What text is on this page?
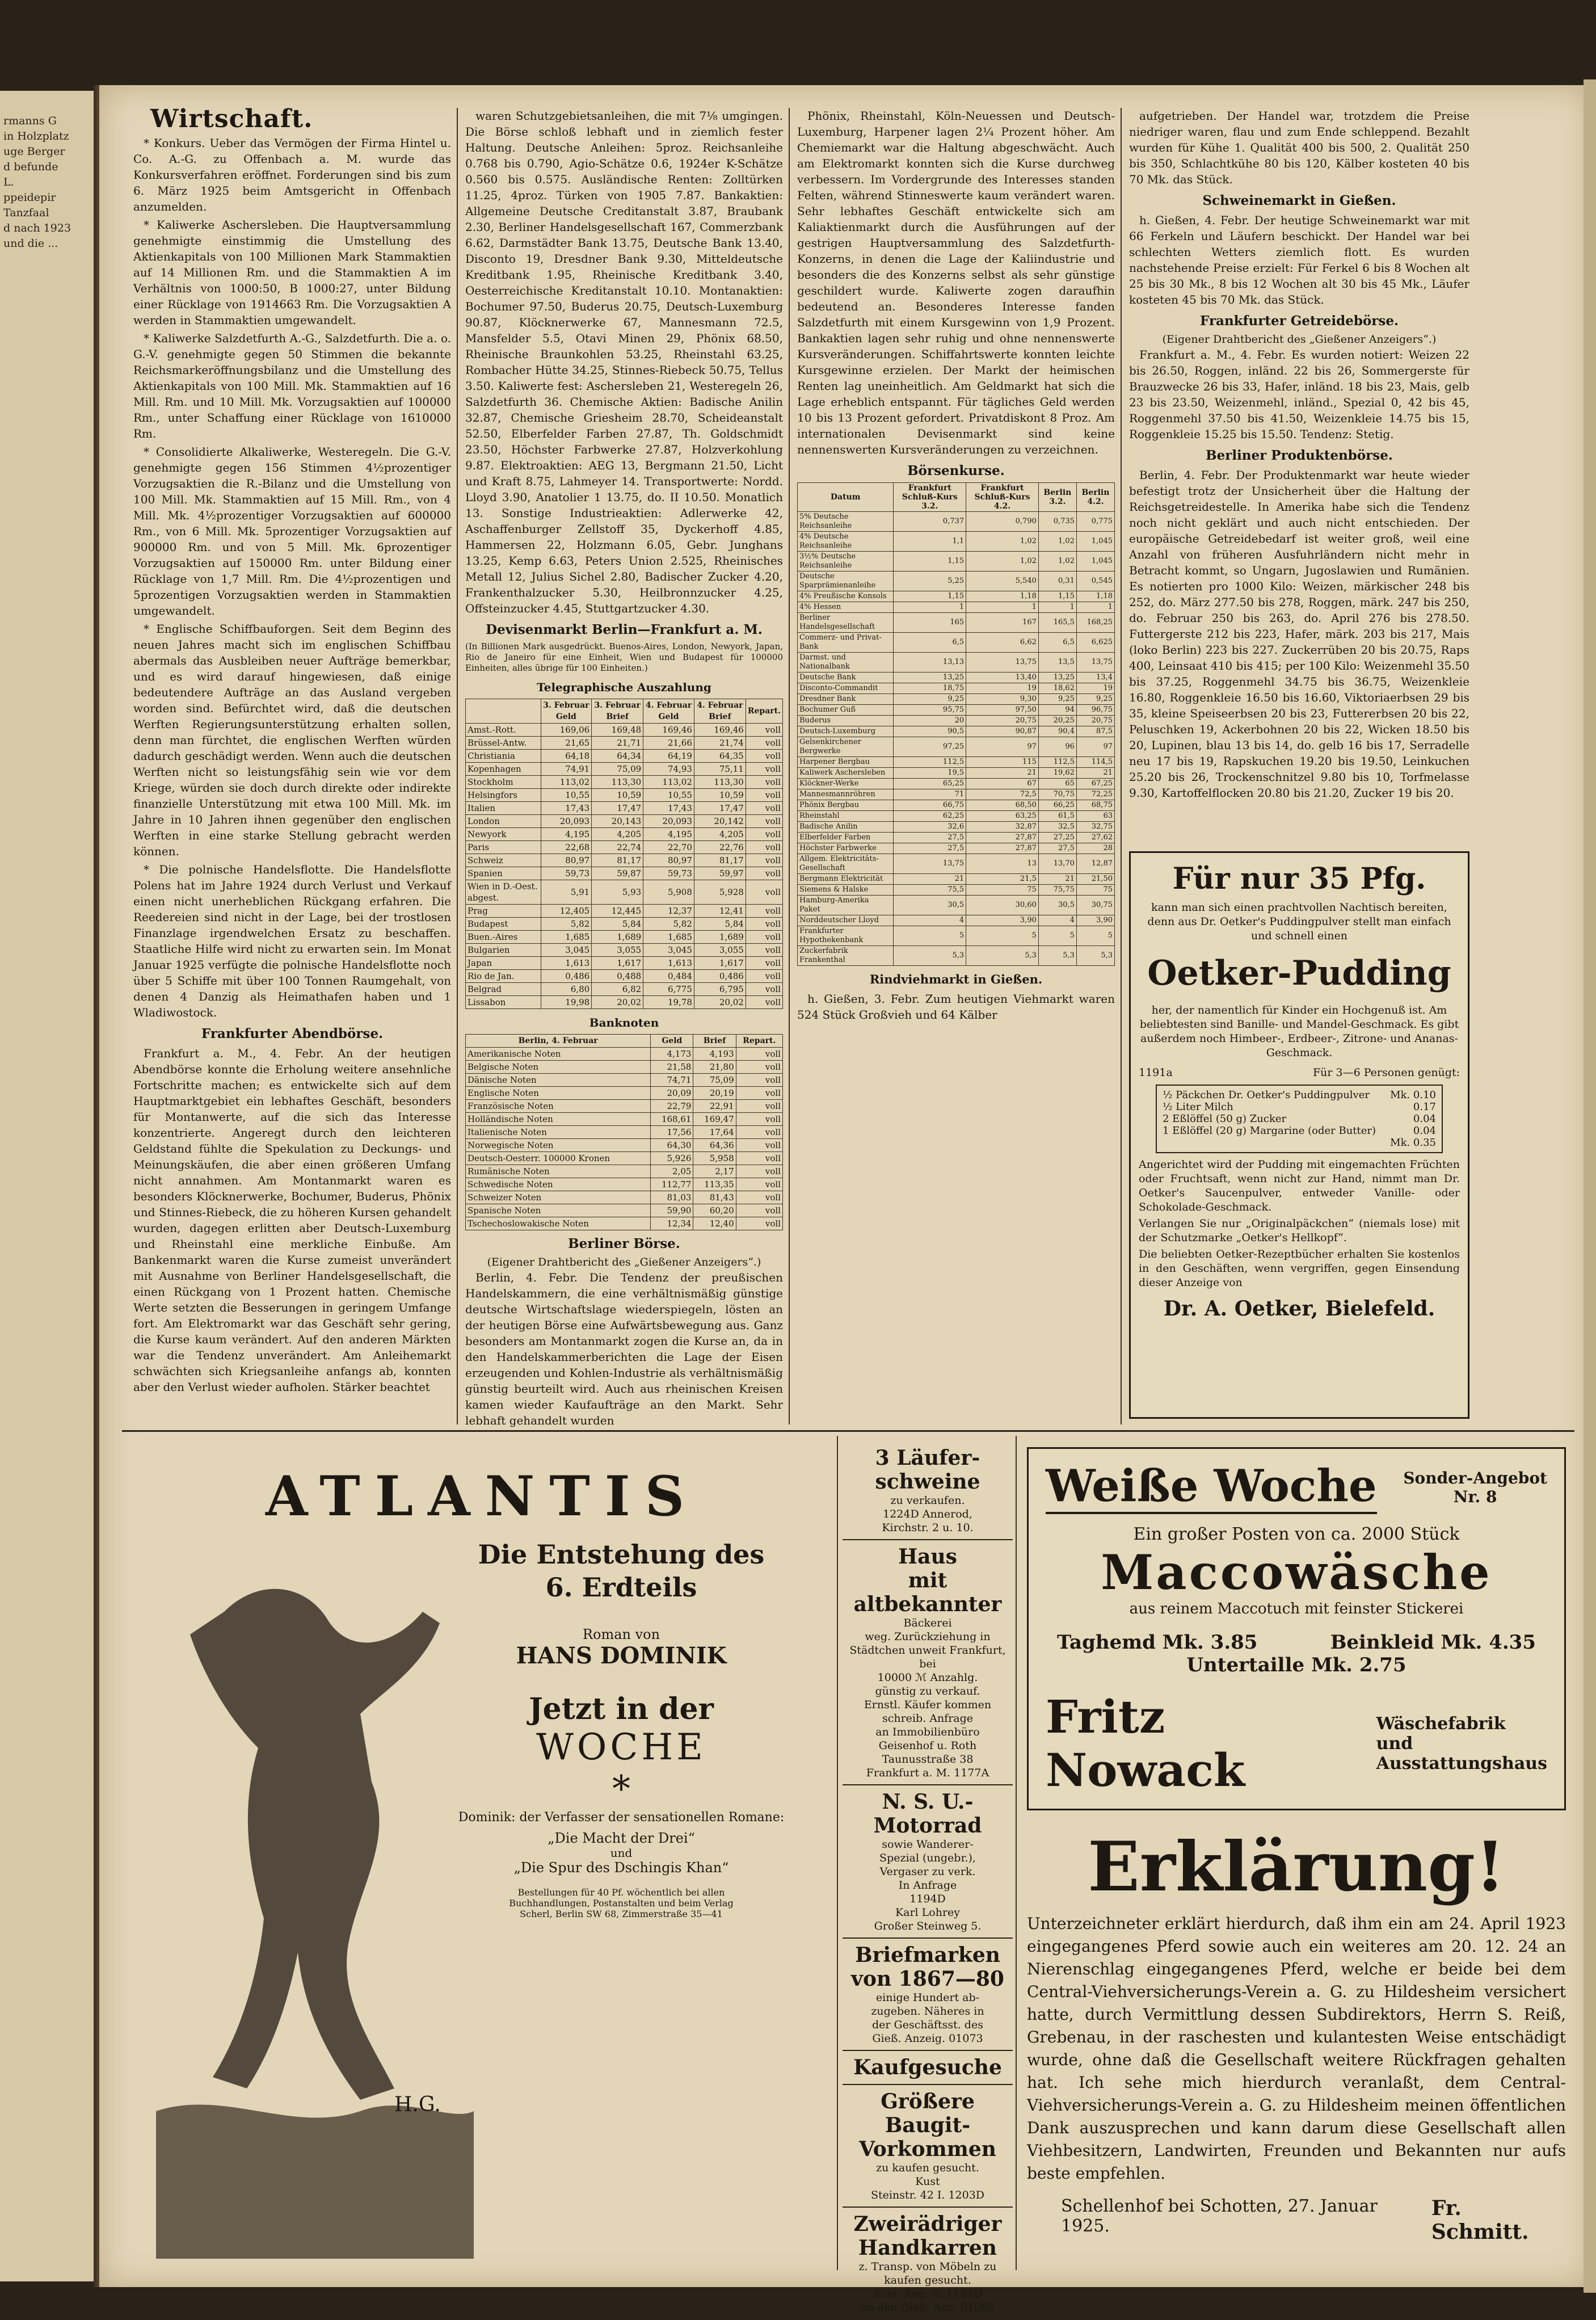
rmanns G
in Holzplatz
uge Berger
d befunde
L.
ppeidepir
Tanzfaal
d nach 1923
und die ...
Wirtschaft.

* Konkurs. Ueber das Vermögen der Firma Hintel u. Co. A.-G. zu Offenbach a. M. wurde das Konkursverfahren eröffnet. Forderungen sind bis zum 6. März 1925 beim Amtsgericht in Offenbach anzumelden.

* Kaliwerke Aschersleben. Die Hauptversammlung genehmigte einstimmig die Umstellung des Aktienkapitals von 100 Millionen Mark Stammaktien auf 14 Millionen Rm. und die Stammaktien A im Verhältnis von 1000:50, B 1000:27, unter Bildung einer Rücklage von 1914663 Rm. Die Vorzugsaktien A werden in Stammaktien umgewandelt.

* Kaliwerke Salzdetfurth A.-G., Salzdetfurth. Die a. o. G.-V. genehmigte gegen 50 Stimmen die bekannte Reichsmarkeröffnungsbilanz und die Umstellung des Aktienkapitals von 100 Mill. Mk. Stammaktien auf 16 Mill. Rm. und 10 Mill. Mk. Vorzugsaktien auf 100000 Rm., unter Schaffung einer Rücklage von 1610000 Rm.

* Consolidierte Alkaliwerke, Westeregeln. Die G.-V. genehmigte gegen 156 Stimmen 4½prozentiger Vorzugsaktien die R.-Bilanz und die Umstellung von 100 Mill. Mk. Stammaktien auf 15 Mill. Rm., von 4 Mill. Mk. 4½prozentiger Vorzugsaktien auf 600000 Rm., von 6 Mill. Mk. 5prozentiger Vorzugsaktien auf 900000 Rm. und von 5 Mill. Mk. 6prozentiger Vorzugsaktien auf 150000 Rm. unter Bildung einer Rücklage von 1,7 Mill. Rm. Die 4½prozentigen und 5prozentigen Vorzugsaktien werden in Stammaktien umgewandelt.

* Englische Schiffbauforgen. Seit dem Beginn des neuen Jahres macht sich im englischen Schiffbau abermals das Ausbleiben neuer Aufträge bemerkbar, und es wird darauf hingewiesen, daß einige bedeutendere Aufträge an das Ausland vergeben worden sind. Befürchtet wird, daß die deutschen Werften Regierungsunterstützung erhalten sollen, denn man fürchtet, die englischen Werften würden dadurch geschädigt werden. Wenn auch die deutschen Werften nicht so leistungsfähig sein wie vor dem Kriege, würden sie doch durch direkte oder indirekte finanzielle Unterstützung mit etwa 100 Mill. Mk. im Jahre in 10 Jahren ihnen gegenüber den englischen Werften in eine starke Stellung gebracht werden können.

* Die polnische Handelsflotte. Die Handelsflotte Polens hat im Jahre 1924 durch Verlust und Verkauf einen nicht unerheblichen Rückgang erfahren. Die Reedereien sind nicht in der Lage, bei der trostlosen Finanzlage irgendwelchen Ersatz zu beschaffen. Staatliche Hilfe wird nicht zu erwarten sein. Im Monat Januar 1925 verfügte die polnische Handelsflotte noch über 5 Schiffe mit über 100 Tonnen Raumgehalt, von denen 4 Danzig als Heimathafen haben und 1 Wladiwostock.

Frankfurter Abendbörse.

Frankfurt a. M., 4. Febr. An der heutigen Abendbörse konnte die Erholung weitere ansehnliche Fortschritte machen; es entwickelte sich auf dem Hauptmarktgebiet ein lebhaftes Geschäft, besonders für Montanwerte, auf die sich das Interesse konzentrierte. Angeregt durch den leichteren Geldstand fühlte die Spekulation zu Deckungs- und Meinungskäufen, die aber einen größeren Umfang nicht annahmen. Am Montanmarkt waren es besonders Klöcknerwerke, Bochumer, Buderus, Phönix und Stinnes-Riebeck, die zu höheren Kursen gehandelt wurden, dagegen erlitten aber Deutsch-Luxemburg und Rheinstahl eine merkliche Einbuße. Am Bankenmarkt waren die Kurse zumeist unverändert mit Ausnahme von Berliner Handelsgesellschaft, die einen Rückgang von 1 Prozent hatten. Chemische Werte setzten die Besserungen in geringem Umfange fort. Am Elektromarkt war das Geschäft sehr gering, die Kurse kaum verändert. Auf den anderen Märkten war die Tendenz unverändert. Am Anleihemarkt schwächten sich Kriegsanleihe anfangs ab, konnten aber den Verlust wieder aufholen. Stärker beachtet

waren Schutzgebietsanleihen, die mit 7⅛ umgingen. Die Börse schloß lebhaft und in ziemlich fester Haltung. Deutsche Anleihen: 5proz. Reichsanleihe 0.768 bis 0.790, Agio-Schätze 0.6, 1924er K-Schätze 0.560 bis 0.575. Ausländische Renten: Zolltürken 11.25, 4proz. Türken von 1905 7.87. Bankaktien: Allgemeine Deutsche Creditanstalt 3.87, Braubank 2.30, Berliner Handelsgesellschaft 167, Commerzbank 6.62, Darmstädter Bank 13.75, Deutsche Bank 13.40, Disconto 19, Dresdner Bank 9.30, Mitteldeutsche Kreditbank 1.95, Rheinische Kreditbank 3.40, Oesterreichische Kreditanstalt 10.10. Montanaktien: Bochumer 97.50, Buderus 20.75, Deutsch-Luxemburg 90.87, Klöcknerwerke 67, Mannesmann 72.5, Mansfelder 5.5, Otavi Minen 29, Phönix 68.50, Rheinische Braunkohlen 53.25, Rheinstahl 63.25, Rombacher Hütte 34.25, Stinnes-Riebeck 50.75, Tellus 3.50. Kaliwerte fest: Aschersleben 21, Westeregeln 26, Salzdetfurth 36. Chemische Aktien: Badische Anilin 32.87, Chemische Griesheim 28.70, Scheideanstalt 52.50, Elberfelder Farben 27.87, Th. Goldschmidt 23.50, Höchster Farbwerke 27.87, Holzverkohlung 9.87. Elektroaktien: AEG 13, Bergmann 21.50, Licht und Kraft 8.75, Lahmeyer 14. Transportwerte: Nordd. Lloyd 3.90, Anatolier 1 13.75, do. II 10.50. Monatlich 13. Sonstige Industrieaktien: Adlerwerke 42, Aschaffenburger Zellstoff 35, Dyckerhoff 4.85, Hammersen 22, Holzmann 6.05, Gebr. Junghans 13.25, Kemp 6.63, Peters Union 2.525, Rheinisches Metall 12, Julius Sichel 2.80, Badischer Zucker 4.20, Frankenthalzucker 5.30, Heilbronnzucker 4.25, Offsteinzucker 4.45, Stuttgartzucker 4.30.

Devisenmarkt Berlin—Frankfurt a. M.
(In Billionen Mark ausgedrückt. Buenos-Aires, London, Newyork, Japan, Rio de Janeiro für eine Einheit, Wien und Budapest für 100000 Einheiten, alles übrige für 100 Einheiten.)
Telegraphische Auszahlung
	3. Februar Geld	3. Februar Brief	4. Februar Geld	4. Februar Brief	Repart.
Amst.-Rott.	169,06	169,48	169,46	169,46	voll
Brüssel-Antw.	21,65	21,71	21,66	21,74	voll
Christiania	64,18	64,34	64,19	64,35	voll
Kopenhagen	74,91	75,09	74,93	75,11	voll
Stockholm	113,02	113,30	113,02	113,30	voll
Helsingfors	10,55	10,59	10,55	10,59	voll
Italien	17,43	17,47	17,43	17,47	voll
London	20,093	20,143	20,093	20,142	voll
Newyork	4,195	4,205	4,195	4,205	voll
Paris	22,68	22,74	22,70	22,76	voll
Schweiz	80,97	81,17	80,97	81,17	voll
Spanien	59,73	59,87	59,73	59,97	voll
Wien in D.-Oest. abgest.	5,91	5,93	5,908	5,928	voll
Prag	12,405	12,445	12,37	12,41	voll
Budapest	5,82	5,84	5,82	5,84	voll
Buen.-Aires	1,685	1,689	1,685	1,689	voll
Bulgarien	3,045	3,055	3,045	3,055	voll
Japan	1,613	1,617	1,613	1,617	voll
Rio de Jan.	0,486	0,488	0,484	0,486	voll
Belgrad	6,80	6,82	6,775	6,795	voll
Lissabon	19,98	20,02	19,78	20,02	voll
Banknoten
Berlin, 4. Februar	Geld	Brief	Repart.
Amerikanische Noten	4,173	4,193	voll
Belgische Noten	21,58	21,80	voll
Dänische Noten	74,71	75,09	voll
Englische Noten	20,09	20,19	voll
Französische Noten	22,79	22,91	voll
Holländische Noten	168,61	169,47	voll
Italienische Noten	17,56	17,64	voll
Norwegische Noten	64,30	64,36	voll
Deutsch-Oesterr. 100000 Kronen	5,926	5,958	voll
Rumänische Noten	2,05	2,17	voll
Schwedische Noten	112,77	113,35	voll
Schweizer Noten	81,03	81,43	voll
Spanische Noten	59,90	60,20	voll
Tschechoslowakische Noten	12,34	12,40	voll
Berliner Börse.
(Eigener Drahtbericht des „Gießener Anzeigers“.)

Berlin, 4. Febr. Die Tendenz der preußischen Handelskammern, die eine verhältnismäßig günstige deutsche Wirtschaftslage wiederspiegeln, lösten an der heutigen Börse eine Aufwärtsbewegung aus. Ganz besonders am Montanmarkt zogen die Kurse an, da in den Handelskammerberichten die Lage der Eisen erzeugenden und Kohlen-Industrie als verhältnismäßig günstig beurteilt wird. Auch aus rheinischen Kreisen kamen wieder Kaufaufträge an den Markt. Sehr lebhaft gehandelt wurden

Phönix, Rheinstahl, Köln-Neuessen und Deutsch-Luxemburg, Harpener lagen 2¼ Prozent höher. Am Chemiemarkt war die Haltung abgeschwächt. Auch am Elektromarkt konnten sich die Kurse durchweg verbessern. Im Vordergrunde des Interesses standen Felten, während Stinneswerte kaum verändert waren. Sehr lebhaftes Geschäft entwickelte sich am Kaliaktienmarkt durch die Ausführungen auf der gestrigen Hauptversammlung des Salzdetfurth-Konzerns, in denen die Lage der Kaliindustrie und besonders die des Konzerns selbst als sehr günstige geschildert wurde. Kaliwerte zogen daraufhin bedeutend an. Besonderes Interesse fanden Salzdetfurth mit einem Kursgewinn von 1,9 Prozent. Bankaktien lagen sehr ruhig und ohne nennenswerte Kursveränderungen. Schiffahrtswerte konnten leichte Kursgewinne erzielen. Der Markt der heimischen Renten lag uneinheitlich. Am Geldmarkt hat sich die Lage erheblich entspannt. Für tägliches Geld werden 10 bis 13 Prozent gefordert. Privatdiskont 8 Proz. Am internationalen Devisenmarkt sind keine nennenswerten Kursveränderungen zu verzeichnen.

Börsenkurse.
Datum	Frankfurt Schluß-Kurs 3.2.	Frankfurt Schluß-Kurs 4.2.	Berlin 3.2.	Berlin 4.2.
5% Deutsche Reichsanleihe	0,737	0,790	0,735	0,775
4% Deutsche Reichsanleihe	1,1	1,02	1,02	1,045
3½% Deutsche Reichsanleihe	1,15	1,02	1,02	1,045
Deutsche Sparprämienanleihe	5,25	5,540	0,31	0,545
4% Preußische Konsols	1,15	1,18	1,15	1,18
4% Hessen	1	1	1	1
Berliner Handelsgesellschaft	165	167	165,5	168,25
Commerz- und Privat-Bank	6,5	6,62	6,5	6,625
Darmst. und Nationalbank	13,13	13,75	13,5	13,75
Deutsche Bank	13,25	13,40	13,25	13,4
Disconto-Commandit	18,75	19	18,62	19
Dresdner Bank	9,25	9,30	9,25	9,25
Bochumer Guß	95,75	97,50	94	96,75
Buderus	20	20,75	20,25	20,75
Deutsch-Luxemburg	90,5	90,87	90,4	87,5
Gelsenkirchener Bergwerke	97,25	97	96	97
Harpener Bergbau	112,5	115	112,5	114,5
Kaliwerk Aschersleben	19,5	21	19,62	21
Klöckner-Werke	65,25	67	65	67,25
Mannesmannröhren	71	72,5	70,75	72,25
Phönix Bergbau	66,75	68,50	66,25	68,75
Rheinstahl	62,25	63,25	61,5	63
Badische Anilin	32,6	32,87	32,5	32,75
Elberfelder Farben	27,5	27,87	27,25	27,62
Höchster Farbwerke	27,5	27,87	27,5	28
Allgem. Elektricitäts-Gesellschaft	13,75	13	13,70	12,87
Bergmann Elektricität	21	21,5	21	21,50
Siemens & Halske	75,5	75	75,75	75
Hamburg-Amerika Paket	30,5	30,60	30,5	30,75
Norddeutscher Lloyd	4	3,90	4	3,90
Frankfurter Hypothekenbank	5	5	5	5
Zuckerfabrik Frankenthal	5,3	5,3	5,3	5,3
Rindviehmarkt in Gießen.

h. Gießen, 3. Febr. Zum heutigen Viehmarkt waren 524 Stück Großvieh und 64 Kälber

aufgetrieben. Der Handel war, trotzdem die Preise niedriger waren, flau und zum Ende schleppend. Bezahlt wurden für Kühe 1. Qualität 400 bis 500, 2. Qualität 250 bis 350, Schlachtkühe 80 bis 120, Kälber kosteten 40 bis 70 Mk. das Stück.

Schweinemarkt in Gießen.

h. Gießen, 4. Febr. Der heutige Schweinemarkt war mit 66 Ferkeln und Läufern beschickt. Der Handel war bei schlechten Wetters ziemlich flott. Es wurden nachstehende Preise erzielt: Für Ferkel 6 bis 8 Wochen alt 25 bis 30 Mk., 8 bis 12 Wochen alt 30 bis 45 Mk., Läufer kosteten 45 bis 70 Mk. das Stück.

Frankfurter Getreidebörse.
(Eigener Drahtbericht des „Gießener Anzeigers“.)

Frankfurt a. M., 4. Febr. Es wurden notiert: Weizen 22 bis 26.50, Roggen, inländ. 22 bis 26, Sommergerste für Brauzwecke 26 bis 33, Hafer, inländ. 18 bis 23, Mais, gelb 23 bis 23.50, Weizenmehl, inländ., Spezial 0, 42 bis 45, Roggenmehl 37.50 bis 41.50, Weizenkleie 14.75 bis 15, Roggenkleie 15.25 bis 15.50. Tendenz: Stetig.

Berliner Produktenbörse.

Berlin, 4. Febr. Der Produktenmarkt war heute wieder befestigt trotz der Unsicherheit über die Haltung der Reichsgetreidestelle. In Amerika habe sich die Tendenz noch nicht geklärt und auch nicht entschieden. Der europäische Getreidebedarf ist weiter groß, weil eine Anzahl von früheren Ausfuhrländern nicht mehr in Betracht kommt, so Ungarn, Jugoslawien und Rumänien. Es notierten pro 1000 Kilo: Weizen, märkischer 248 bis 252, do. März 277.50 bis 278, Roggen, märk. 247 bis 250, do. Februar 250 bis 263, do. April 276 bis 278.50. Futtergerste 212 bis 223, Hafer, märk. 203 bis 217, Mais (loko Berlin) 223 bis 227. Zuckerrüben 20 bis 20.75, Raps 400, Leinsaat 410 bis 415; per 100 Kilo: Weizenmehl 35.50 bis 37.25, Roggenmehl 34.75 bis 36.75, Weizenkleie 16.80, Roggenkleie 16.50 bis 16.60, Viktoriaerbsen 29 bis 35, kleine Speiseerbsen 20 bis 23, Futtererbsen 20 bis 22, Peluschken 19, Ackerbohnen 20 bis 22, Wicken 18.50 bis 20, Lupinen, blau 13 bis 14, do. gelb 16 bis 17, Serradelle neu 17 bis 19, Rapskuchen 19.20 bis 19.50, Leinkuchen 25.20 bis 26, Trockenschnitzel 9.80 bis 10, Torfmelasse 9.30, Kartoffelflocken 20.80 bis 21.20, Zucker 19 bis 20.

Für nur 35 Pfg.
kann man sich einen prachtvollen Nachtisch bereiten, denn aus Dr. Oetker's Puddingpulver stellt man einfach und schnell einen
Oetker-Pudding
her, der namentlich für Kinder ein Hochgenuß ist. Am beliebtesten sind Banille- und Mandel-Geschmack. Es gibt außerdem noch Himbeer-, Erdbeer-, Zitrone- und Ananas-Geschmack.
1191a	Für 3—6 Personen genügt:
½ Päckchen Dr. Oetker's Puddingpulver Mk. 0.10
½ Liter Milch	0.17
2 Eßlöffel (50 g) Zucker	0.04
1 Eßlöffel (20 g) Margarine (oder Butter)	0.04
Mk. 0.35
Angerichtet wird der Pudding mit eingemachten Früchten oder Fruchtsaft, wenn nicht zur Hand, nimmt man Dr. Oetker's Saucenpulver, entweder Vanille- oder Schokolade-Geschmack.
Verlangen Sie nur „Originalpäckchen“ (niemals lose) mit der Schutzmarke „Oetker's Hellkopf“.
Die beliebten Oetker-Rezeptbücher erhalten Sie kostenlos in den Geschäften, wenn vergriffen, gegen Einsendung dieser Anzeige von
Dr. A. Oetker, Bielefeld.
ATLANTIS
Die Entstehung des
6. Erdteils
Roman von
HANS DOMINIK
Jetzt in der
WOCHE
*
Dominik: der Verfasser der sensationellen Romane:
„Die Macht der Drei“
und
„Die Spur des Dschingis Khan“
Bestellungen für 40 Pf. wöchentlich bei allen Buchhandlungen, Postanstalten und beim Verlag Scherl, Berlin SW 68, Zimmerstraße 35—41
H.G.
3 Läufer-
schweine
zu verkaufen.
1224D Annerod,
Kirchstr. 2 u. 10.
Haus
mit altbekannter
Bäckerei
weg. Zurückziehung in Städtchen unweit Frankfurt, bei
10000 ℳ Anzahlg.
günstig zu verkauf.
Ernstl. Käufer kommen schreib. Anfrage
an Immobilienbüro
Geisenhof u. Roth
Taunusstraße 38
Frankfurt a. M. 1177A
N. S. U.-
Motorrad
sowie Wanderer-
Spezial (ungebr.),
Vergaser zu verk.
In Anfrage
1194D
Karl Lohrey
Großer Steinweg 5.
Briefmarken
von 1867—80
einige Hundert ab-
zugeben. Näheres in
der Geschäftsst. des
Gieß. Anzeig. 01073
Kaufgesuche
Größere Baugit-
Vorkommen
zu kaufen gesucht.
Kust
Steinstr. 42 I. 1203D
Zweirädriger
Handkarren
z. Transp. von Möbeln zu kaufen gesucht.
Schr. Ang. u. 1194D
an den Gieß. Anz. 01062
Weiße Woche Sonder-Angebot
Nr. 8
Ein großer Posten von ca. 2000 Stück
Maccowäsche
aus reinem Maccotuch mit feinster Stickerei
Taghemd Mk. 3.85	Beinkleid Mk. 4.35
Untertaille Mk. 2.75
Fritz Nowack
Wäschefabrik und
Ausstattungshaus
Erklärung!
Unterzeichneter erklärt hierdurch, daß ihm ein am 24. April 1923 eingegangenes Pferd sowie auch ein weiteres am 20. 12. 24 an Nierenschlag eingegangenes Pferd, welche er beide bei dem Central-Viehversicherungs-Verein a. G. zu Hildesheim versichert hatte, durch Vermittlung dessen Subdirektors, Herrn S. Reiß, Grebenau, in der raschesten und kulantesten Weise entschädigt wurde, ohne daß die Gesellschaft weitere Rückfragen gehalten hat. Ich sehe mich hierdurch veranlaßt, dem Central-Viehversicherungs-Verein a. G. zu Hildesheim meinen öffentlichen Dank auszusprechen und kann darum diese Gesellschaft allen Viehbesitzern, Landwirten, Freunden und Bekannten nur aufs beste empfehlen.
Schellenhof bei Schotten, 27. Januar 1925.
Fr. Schmitt.
